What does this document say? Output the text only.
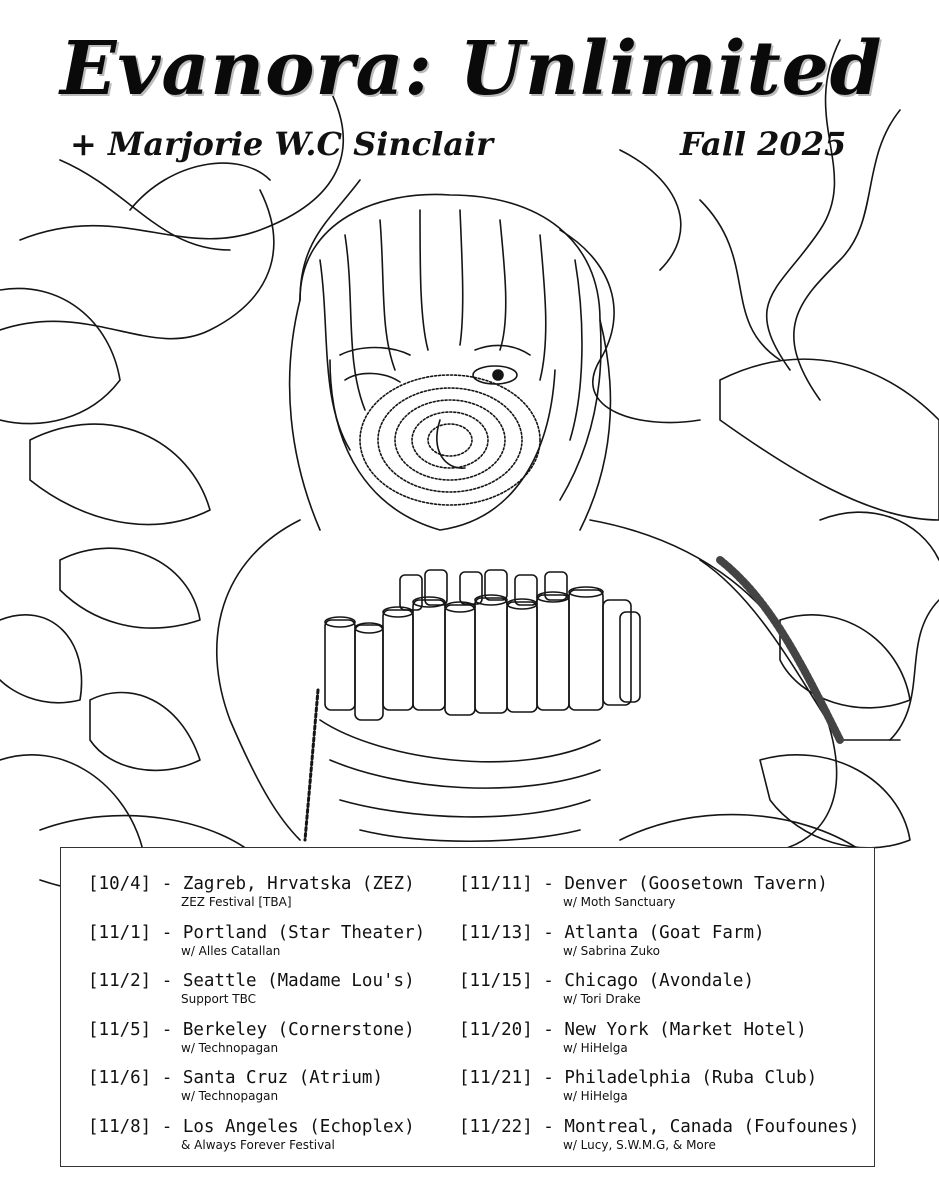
Evanora: Unlimited
+ Marjorie W.C Sinclair	Fall 2025
[10/4] - Zagreb, Hrvatska (ZEZ)
ZEZ Festival [TBA]
[11/1] - Portland (Star Theater)
w/ Alles Catallan
[11/2] - Seattle (Madame Lou's)
Support TBC
[11/5] - Berkeley (Cornerstone)
w/ Technopagan
[11/6] - Santa Cruz (Atrium)
w/ Technopagan
[11/8] - Los Angeles (Echoplex)
& Always Forever Festival
[11/11] - Denver (Goosetown Tavern)
w/ Moth Sanctuary
[11/13] - Atlanta (Goat Farm)
w/ Sabrina Zuko
[11/15] - Chicago (Avondale)
w/ Tori Drake
[11/20] - New York (Market Hotel)
w/ HiHelga
[11/21] - Philadelphia (Ruba Club)
w/ HiHelga
[11/22] - Montreal, Canada (Foufounes)
w/ Lucy, S.W.M.G, & More
